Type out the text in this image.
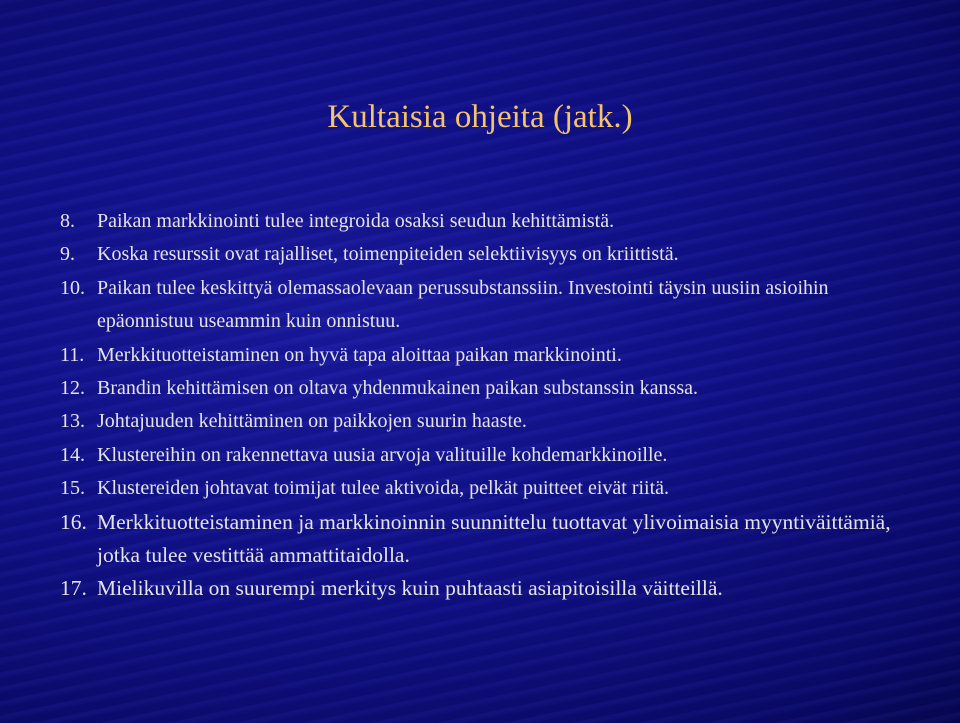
Kultaisia ohjeita (jatk.)
8. Paikan markkinointi tulee integroida osaksi seudun kehittämistä.
9. Koska resurssit ovat rajalliset, toimenpiteiden selektiivisyys on kriittistä.
10. Paikan tulee keskittyä olemassaolevaan perussubstanssiin. Investointi täysin uusiin asioihin epäonnistuu useammin kuin onnistuu.
11. Merkkituotteistaminen on hyvä tapa aloittaa paikan markkinointi.
12. Brandin kehittämisen on oltava yhdenmukainen paikan substanssin kanssa.
13. Johtajuuden kehittäminen on paikkojen suurin haaste.
14. Klustereihin on rakennettava uusia arvoja valituille kohdemarkkinoille.
15. Klustereiden johtavat toimijat tulee aktivoida, pelkät puitteet eivät riitä.
16. Merkkituotteistaminen ja markkinoinnin suunnittelu tuottavat ylivoimaisia myyntiväittämiä, jotka tulee vestittää ammattitaidolla.
17. Mielikuvilla on suurempi merkitys kuin puhtaasti asiapitoisilla väitteillä.
